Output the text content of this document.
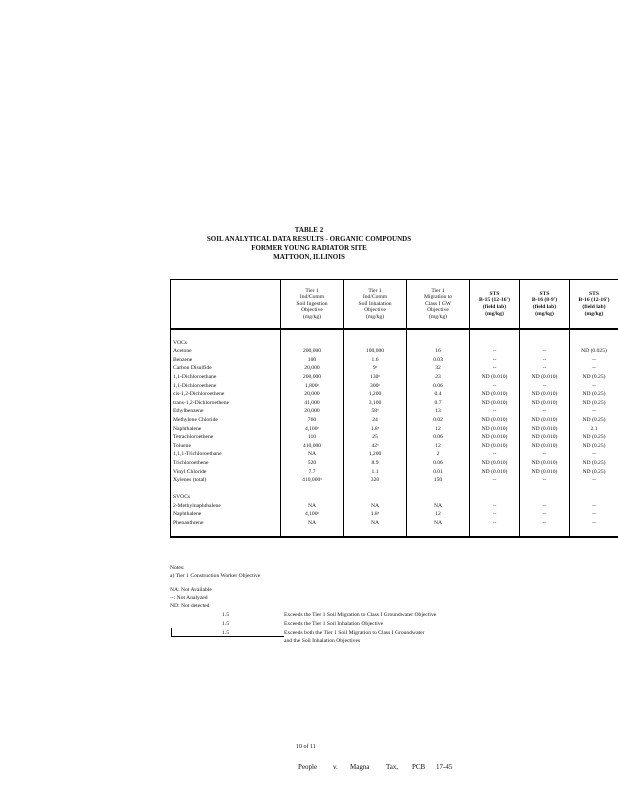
TABLE 2
SOIL ANALYTICAL DATA RESULTS - ORGANIC COMPOUNDS
FORMER YOUNG RADIATOR SITE
MATTOON, ILLINOIS

	Tier 1
Ind/Comm
Soil Ingestion
Objective
(mg/kg)	Tier 1
Ind/Comm
Soil Inhalation
Objective
(mg/kg)	Tier 1
Migration to
Class I GW
Objective
(mg/kg)	STS
B-15 (12-16')
(field lab)
(mg/kg)	STS
B-16 (8-9')
(field lab)
(mg/kg)	STS
B-16 (12-16')
(field lab)
(mg/kg)

VOCs						
Acetone	200,000	100,000	16	--	--	ND (0.025)
Benzene	100	1.6	0.03	--	--	--
Carbon Disulfide	20,000	9ᵃ	32	--	--	--
1,1-Dichloroethane	200,000	130ᵃ	23	ND (0.010)	ND (0.010)	ND (0.25)
1,1-Dichloroethene	1,800ᵃ	300ᵃ	0.06	--	--	--
cis-1,2-Dichloroethene	20,000	1,200	0.4	ND (0.010)	ND (0.010)	ND (0.25)
trans-1,2-Dichloroethene	41,000	3,100	0.7	ND (0.010)	ND (0.010)	ND (0.25)
Ethylbenzene	20,000	58ᵃ	13	--	--	--
Methylene Chloride	760	24	0.02	ND (0.010)	ND (0.010)	ND (0.25)
Naphthalene	4,100ᵃ	1.8ᵃ	12	ND (0.010)	ND (0.010)	2.1
Tetrachloroethene	110	25	0.06	ND (0.010)	ND (0.010)	ND (0.25)
Toluene	410,000	42ᵃ	12	ND (0.010)	ND (0.010)	ND (0.25)
1,1,1-Trichloroethane	NA	1,200	2	--	--	--
Trichloroethene	520	8.9	0.06	ND (0.010)	ND (0.010)	ND (0.25)
Vinyl Chloride	7.7	1.1	0.01	ND (0.010)	ND (0.010)	ND (0.25)
Xylenes (total)	410,000ᵃ	320	150	--	--	--

SVOCs						
2-Methylnaphthalene	NA	NA	NA	--	--	--
Naphthalene	4,100ᵃ	1.8ᵃ	12	--	--	--
Phenanthrene	NA	NA	NA	--	--	--

Notes:
a) Tier 1 Construction Worker Objective
NA: Not Available
--: Not Analyzed
ND: Not detected
1.5	Exceeds the Tier 1 Soil Migration to Class I Groundwater Objective
1.5	Exceeds the Tier 1 Soil Inhalation Objective
1.5	Exceeds both the Tier 1 Soil Migration to Class I Groundwater
and the Soil Inhalation Objectives
10 of 11
People v. Magna Tax, PCB 17-45
